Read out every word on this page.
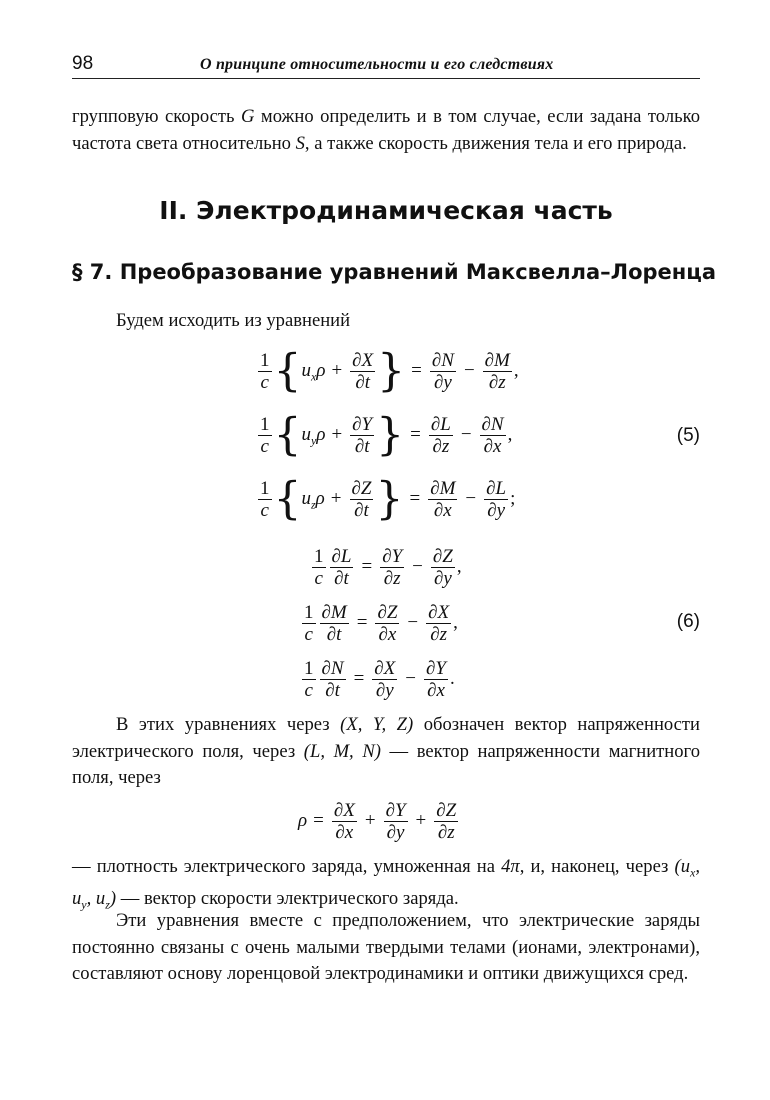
98	О принципе относительности и его следствиях
групповую скорость G можно определить и в том случае, если задана только частота света относительно S, а также скорость движения тела и его природа.
II. Электродинамическая часть
§ 7. Преобразование уравнений Максвелла–Лоренца
Будем исходить из уравнений
$\frac{1}{c} \{u_x\rho + \frac{\partial X}{\partial t}$ } = $\frac{\partial N}{\partial y} - \frac{\partial M}{\partial z}$ ,
$\frac{1}{c} \{u_y\rho + \frac{\partial Y}{\partial t}$ } = $\frac{\partial L}{\partial z} - \frac{\partial N}{\partial x}$ ,
$\frac{1}{c} \{u_z\rho + \frac{\partial Z}{\partial t}$ } = $\frac{\partial M}{\partial x} - \frac{\partial L}{\partial y}$ ;
(5)
$\frac{1}{c} \frac{\partial L}{\partial t} = \frac{\partial Y}{\partial z} - \frac{\partial Z}{\partial y}$ ,
$\frac{1}{c} \frac{\partial M}{\partial t} = \frac{\partial Z}{\partial x} - \frac{\partial X}{\partial z}$ ,
$\frac{1}{c} \frac{\partial N}{\partial t} = \frac{\partial X}{\partial y} - \frac{\partial Y}{\partial x}$ .
(6)
В этих уравнениях через (X, Y, Z) обозначен вектор напряженности электрического поля, через (L, M, N) — вектор напряженности магнитного поля, через
$\rho = \frac{\partial X}{\partial x} + \frac{\partial Y}{\partial y} + \frac{\partial Z}{\partial z}$
— плотность электрического заряда, умноженная на 4π, и, наконец, через ($u_x$, $u_y$, $u_z$) — вектор скорости электрического заряда.
Эти уравнения вместе с предположением, что электрические заряды постоянно связаны с очень малыми твердыми телами (ионами, электронами), составляют основу лоренцовой электродинамики и оптики движущихся сред.
